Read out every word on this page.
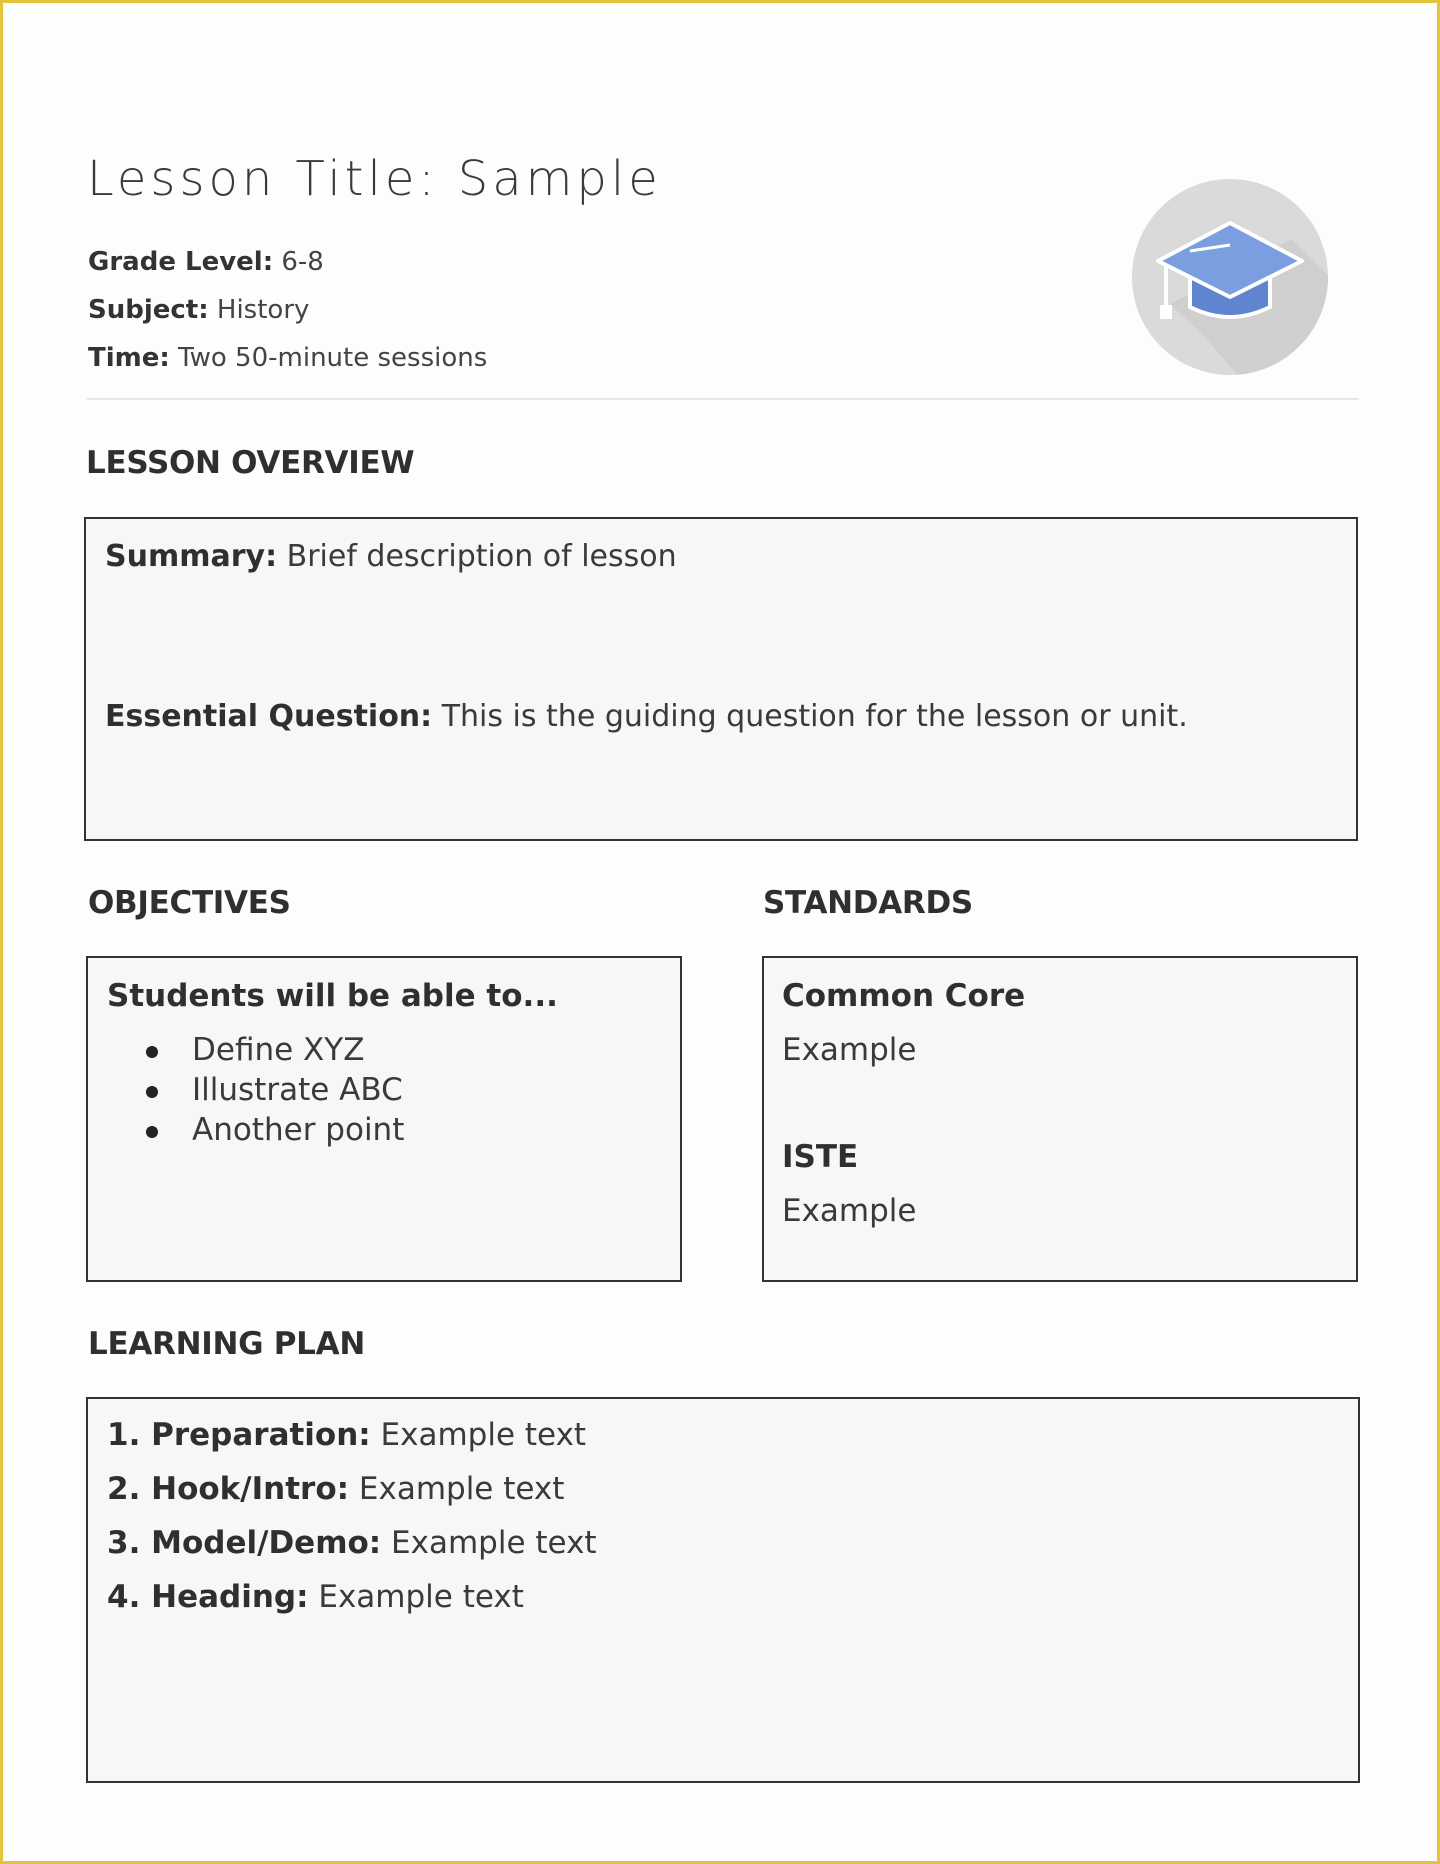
Lesson Title: Sample
Grade Level: 6-8
Subject: History
Time: Two 50-minute sessions
LESSON OVERVIEW
Summary: Brief description of lesson
Essential Question: This is the guiding question for the lesson or unit.
OBJECTIVES	STANDARDS
Students will be able to...
Define XYZ
Illustrate ABC
Another point
Common Core
Example
ISTE
Example
LEARNING PLAN
1. Preparation: Example text
2. Hook/Intro: Example text
3. Model/Demo: Example text
4. Heading: Example text
